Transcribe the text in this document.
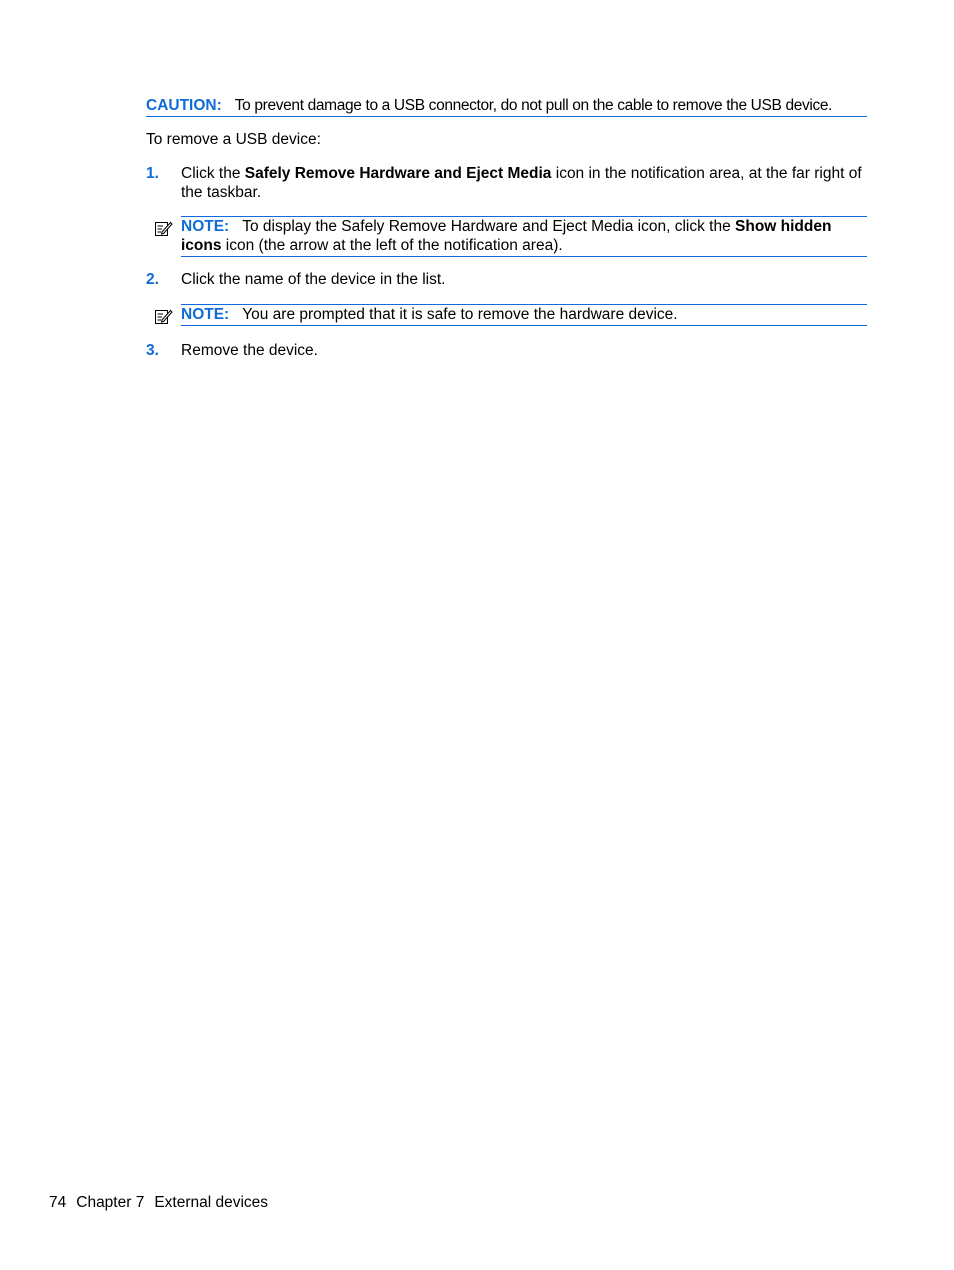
CAUTION: To prevent damage to a USB connector, do not pull on the cable to remove the USB device.
To remove a USB device:
1. Click the Safely Remove Hardware and Eject Media icon in the notification area, at the far right of the taskbar.
NOTE: To display the Safely Remove Hardware and Eject Media icon, click the Show hidden icons icon (the arrow at the left of the notification area).
2. Click the name of the device in the list.
NOTE: You are prompted that it is safe to remove the hardware device.
3. Remove the device.
74 Chapter 7 External devices
